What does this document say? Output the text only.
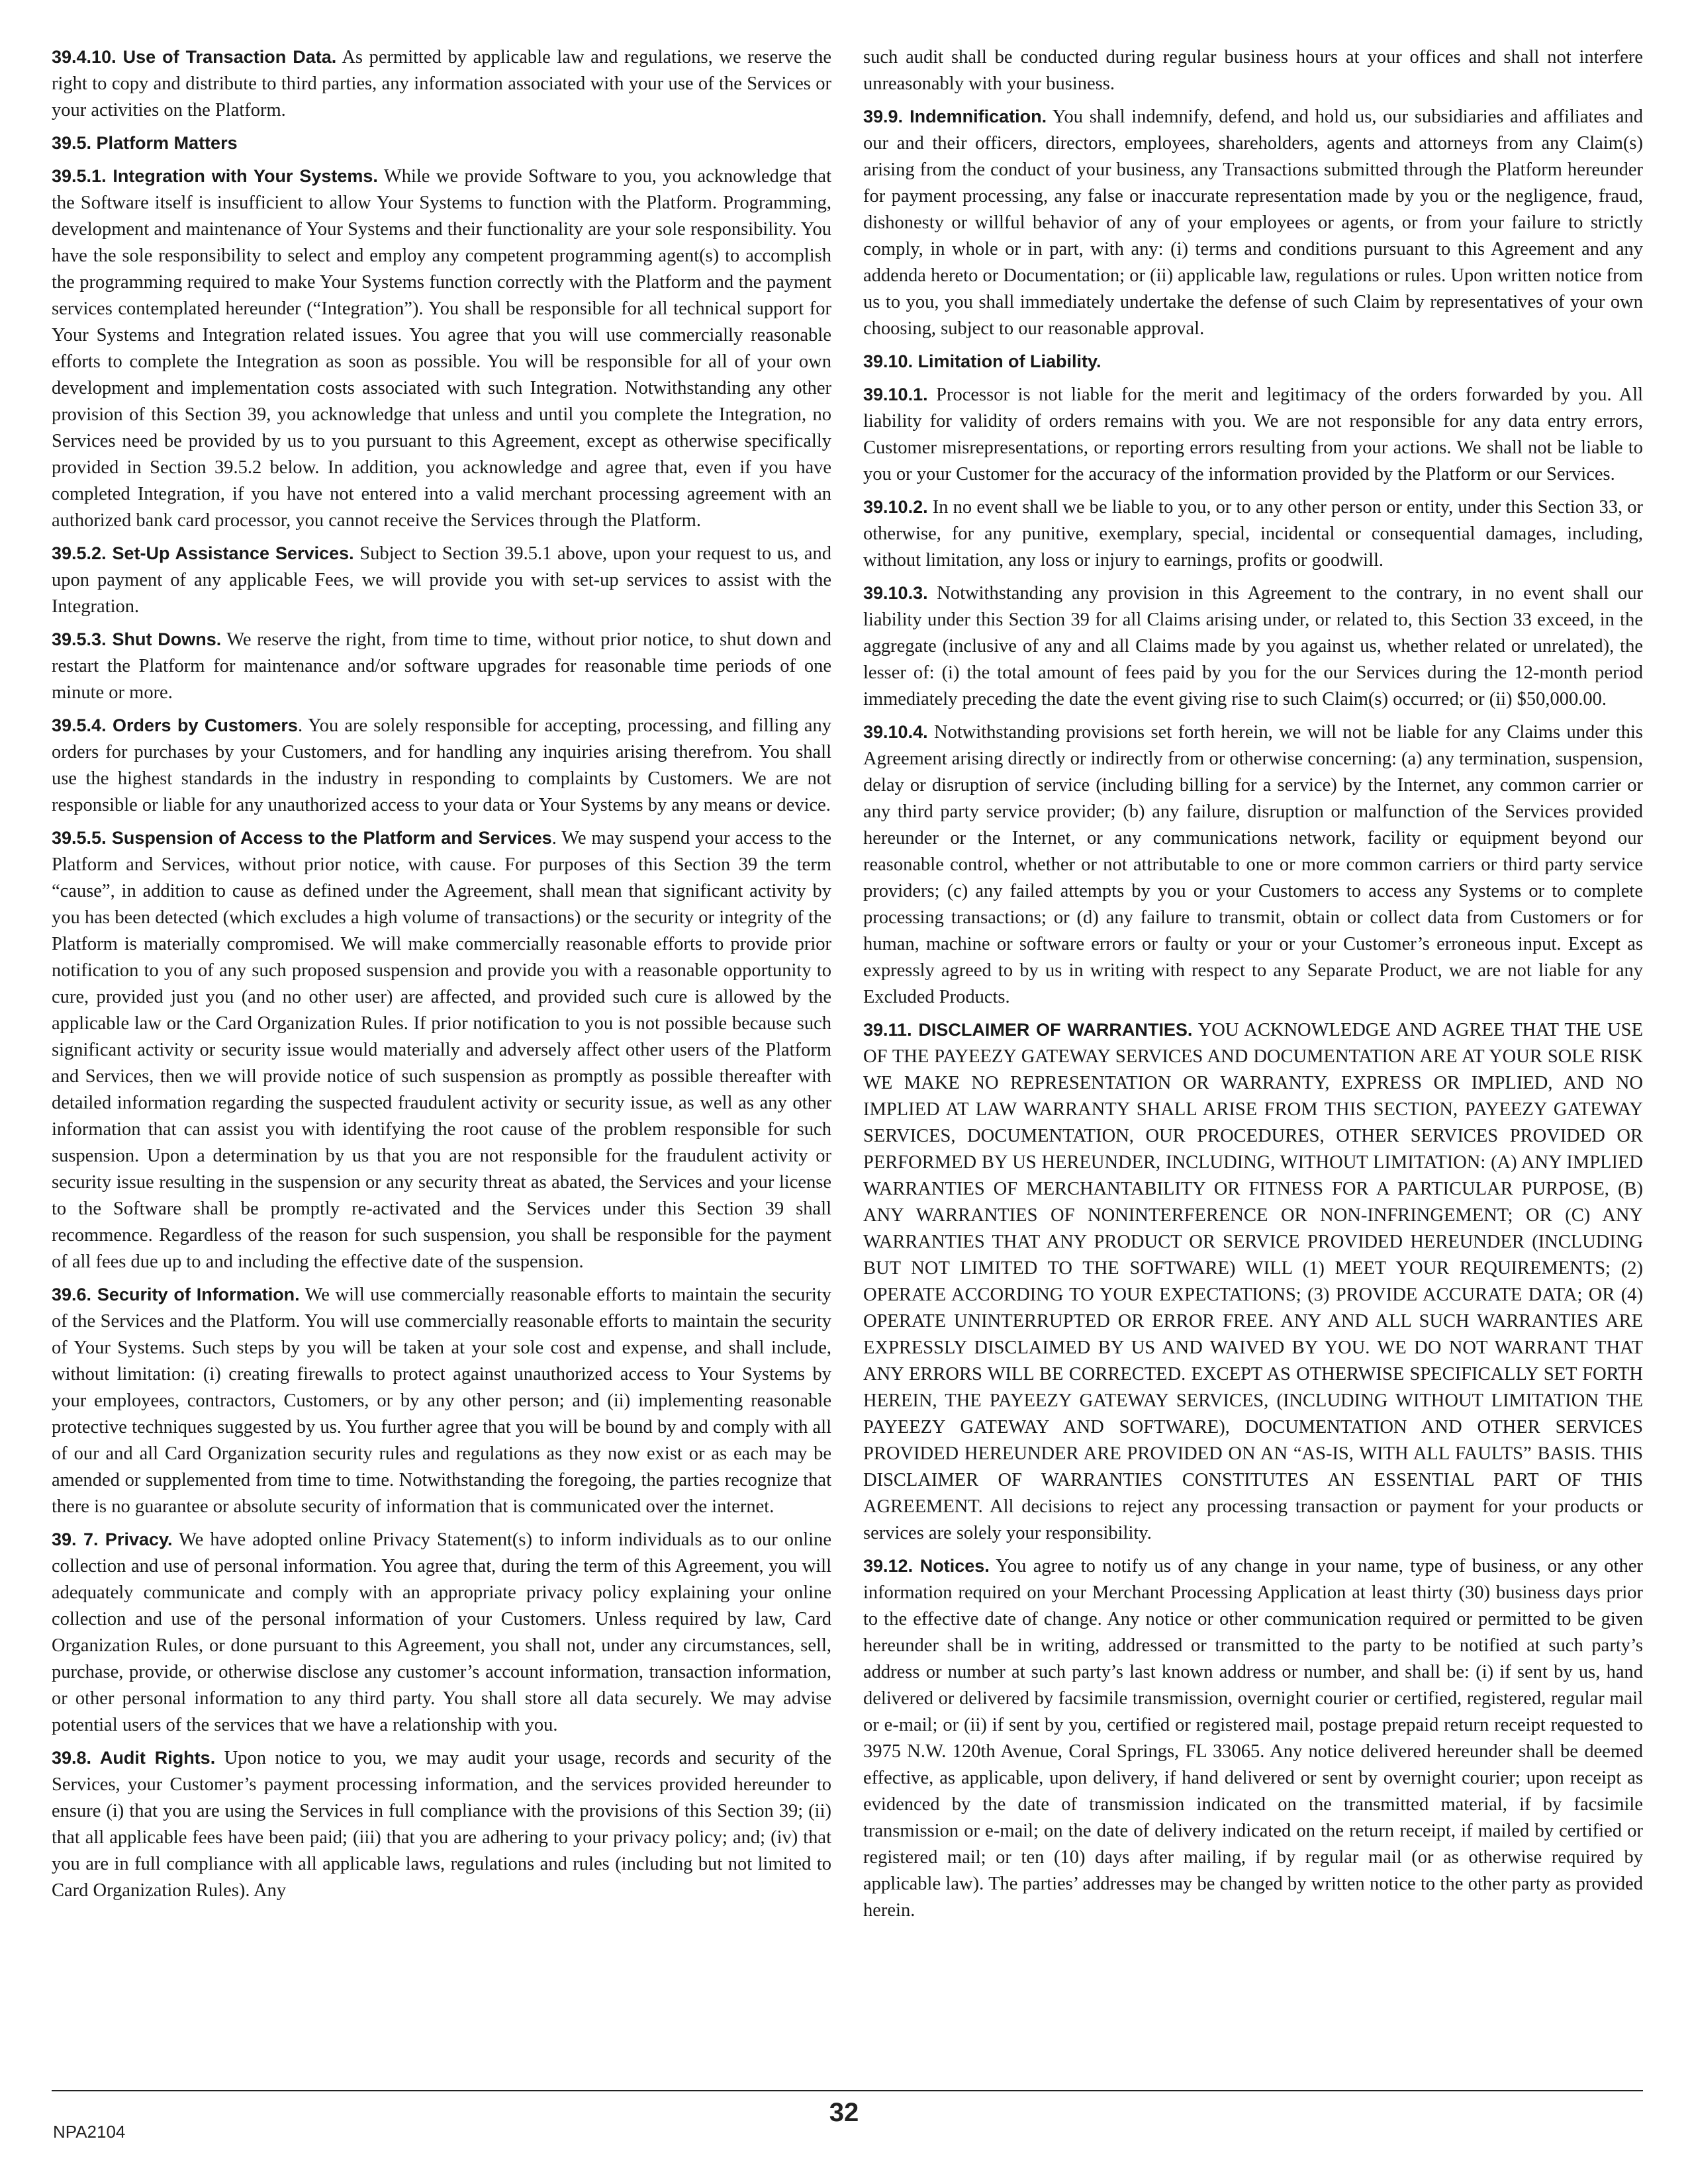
39.4.10. Use of Transaction Data. As permitted by applicable law and regulations, we reserve the right to copy and distribute to third parties, any information associated with your use of the Services or your activities on the Platform.

39.5. Platform Matters

39.5.1. Integration with Your Systems. While we provide Software to you, you acknowledge that the Software itself is insufficient to allow Your Systems to function with the Platform. Programming, development and maintenance of Your Systems and their functionality are your sole responsibility. You have the sole responsibility to select and employ any competent programming agent(s) to accomplish the programming required to make Your Systems function correctly with the Platform and the payment services contemplated hereunder (“Integration”). You shall be responsible for all technical support for Your Systems and Integration related issues. You agree that you will use commercially reasonable efforts to complete the Integration as soon as possible. You will be responsible for all of your own development and implementation costs associated with such Integration. Notwithstanding any other provision of this Section 39, you acknowledge that unless and until you complete the Integration, no Services need be provided by us to you pursuant to this Agreement, except as otherwise specifically provided in Section 39.5.2 below. In addition, you acknowledge and agree that, even if you have completed Integration, if you have not entered into a valid merchant processing agreement with an authorized bank card processor, you cannot receive the Services through the Platform.

39.5.2. Set-Up Assistance Services. Subject to Section 39.5.1 above, upon your request to us, and upon payment of any applicable Fees, we will provide you with set-up services to assist with the Integration.

39.5.3. Shut Downs. We reserve the right, from time to time, without prior notice, to shut down and restart the Platform for maintenance and/or software upgrades for reasonable time periods of one minute or more.

39.5.4. Orders by Customers. You are solely responsible for accepting, processing, and filling any orders for purchases by your Customers, and for handling any inquiries arising therefrom. You shall use the highest standards in the industry in responding to complaints by Customers. We are not responsible or liable for any unauthorized access to your data or Your Systems by any means or device.

39.5.5. Suspension of Access to the Platform and Services. We may suspend your access to the Platform and Services, without prior notice, with cause. For purposes of this Section 39 the term “cause”, in addition to cause as defined under the Agreement, shall mean that significant activity by you has been detected (which excludes a high volume of transactions) or the security or integrity of the Platform is materially compromised. We will make commercially reasonable efforts to provide prior notification to you of any such proposed suspension and provide you with a reasonable opportunity to cure, provided just you (and no other user) are affected, and provided such cure is allowed by the applicable law or the Card Organization Rules. If prior notification to you is not possible because such significant activity or security issue would materially and adversely affect other users of the Platform and Services, then we will provide notice of such suspension as promptly as possible thereafter with detailed information regarding the suspected fraudulent activity or security issue, as well as any other information that can assist you with identifying the root cause of the problem responsible for such suspension. Upon a determination by us that you are not responsible for the fraudulent activity or security issue resulting in the suspension or any security threat as abated, the Services and your license to the Software shall be promptly re-activated and the Services under this Section 39 shall recommence. Regardless of the reason for such suspension, you shall be responsible for the payment of all fees due up to and including the effective date of the suspension.

39.6. Security of Information. We will use commercially reasonable efforts to maintain the security of the Services and the Platform. You will use commercially reasonable efforts to maintain the security of Your Systems. Such steps by you will be taken at your sole cost and expense, and shall include, without limitation: (i) creating firewalls to protect against unauthorized access to Your Systems by your employees, contractors, Customers, or by any other person; and (ii) implementing reasonable protective techniques suggested by us. You further agree that you will be bound by and comply with all of our and all Card Organization security rules and regulations as they now exist or as each may be amended or supplemented from time to time. Notwithstanding the foregoing, the parties recognize that there is no guarantee or absolute security of information that is communicated over the internet.

39. 7. Privacy. We have adopted online Privacy Statement(s) to inform individuals as to our online collection and use of personal information. You agree that, during the term of this Agreement, you will adequately communicate and comply with an appropriate privacy policy explaining your online collection and use of the personal information of your Customers. Unless required by law, Card Organization Rules, or done pursuant to this Agreement, you shall not, under any circumstances, sell, purchase, provide, or otherwise disclose any customer’s account information, transaction information, or other personal information to any third party. You shall store all data securely. We may advise potential users of the services that we have a relationship with you.

39.8. Audit Rights. Upon notice to you, we may audit your usage, records and security of the Services, your Customer’s payment processing information, and the services provided hereunder to ensure (i) that you are using the Services in full compliance with the provisions of this Section 39; (ii) that all applicable fees have been paid; (iii) that you are adhering to your privacy policy; and; (iv) that you are in full compliance with all applicable laws, regulations and rules (including but not limited to Card Organization Rules). Any

such audit shall be conducted during regular business hours at your offices and shall not interfere unreasonably with your business.

39.9. Indemnification. You shall indemnify, defend, and hold us, our subsidiaries and affiliates and our and their officers, directors, employees, shareholders, agents and attorneys from any Claim(s) arising from the conduct of your business, any Transactions submitted through the Platform hereunder for payment processing, any false or inaccurate representation made by you or the negligence, fraud, dishonesty or willful behavior of any of your employees or agents, or from your failure to strictly comply, in whole or in part, with any: (i) terms and conditions pursuant to this Agreement and any addenda hereto or Documentation; or (ii) applicable law, regulations or rules. Upon written notice from us to you, you shall immediately undertake the defense of such Claim by representatives of your own choosing, subject to our reasonable approval.

39.10. Limitation of Liability.

39.10.1. Processor is not liable for the merit and legitimacy of the orders forwarded by you. All liability for validity of orders remains with you. We are not responsible for any data entry errors, Customer misrepresentations, or reporting errors resulting from your actions. We shall not be liable to you or your Customer for the accuracy of the information provided by the Platform or our Services.

39.10.2. In no event shall we be liable to you, or to any other person or entity, under this Section 33, or otherwise, for any punitive, exemplary, special, incidental or consequential damages, including, without limitation, any loss or injury to earnings, profits or goodwill.

39.10.3. Notwithstanding any provision in this Agreement to the contrary, in no event shall our liability under this Section 39 for all Claims arising under, or related to, this Section 33 exceed, in the aggregate (inclusive of any and all Claims made by you against us, whether related or unrelated), the lesser of: (i) the total amount of fees paid by you for the our Services during the 12-month period immediately preceding the date the event giving rise to such Claim(s) occurred; or (ii) $50,000.00.

39.10.4. Notwithstanding provisions set forth herein, we will not be liable for any Claims under this Agreement arising directly or indirectly from or otherwise concerning: (a) any termination, suspension, delay or disruption of service (including billing for a service) by the Internet, any common carrier or any third party service provider; (b) any failure, disruption or malfunction of the Services provided hereunder or the Internet, or any communications network, facility or equipment beyond our reasonable control, whether or not attributable to one or more common carriers or third party service providers; (c) any failed attempts by you or your Customers to access any Systems or to complete processing transactions; or (d) any failure to transmit, obtain or collect data from Customers or for human, machine or software errors or faulty or your or your Customer’s erroneous input. Except as expressly agreed to by us in writing with respect to any Separate Product, we are not liable for any Excluded Products.

39.11. DISCLAIMER OF WARRANTIES. YOU ACKNOWLEDGE AND AGREE THAT THE USE OF THE PAYEEZY GATEWAY SERVICES AND DOCUMENTATION ARE AT YOUR SOLE RISK WE MAKE NO REPRESENTATION OR WARRANTY, EXPRESS OR IMPLIED, AND NO IMPLIED AT LAW WARRANTY SHALL ARISE FROM THIS SECTION, PAYEEZY GATEWAY SERVICES, DOCUMENTATION, OUR PROCEDURES, OTHER SERVICES PROVIDED OR PERFORMED BY US HEREUNDER, INCLUDING, WITHOUT LIMITATION: (A) ANY IMPLIED WARRANTIES OF MERCHANTABILITY OR FITNESS FOR A PARTICULAR PURPOSE, (B) ANY WARRANTIES OF NONINTERFERENCE OR NON-INFRINGEMENT; OR (C) ANY WARRANTIES THAT ANY PRODUCT OR SERVICE PROVIDED HEREUNDER (INCLUDING BUT NOT LIMITED TO THE SOFTWARE) WILL (1) MEET YOUR REQUIREMENTS; (2) OPERATE ACCORDING TO YOUR EXPECTATIONS; (3) PROVIDE ACCURATE DATA; OR (4) OPERATE UNINTERRUPTED OR ERROR FREE. ANY AND ALL SUCH WARRANTIES ARE EXPRESSLY DISCLAIMED BY US AND WAIVED BY YOU. WE DO NOT WARRANT THAT ANY ERRORS WILL BE CORRECTED. EXCEPT AS OTHERWISE SPECIFICALLY SET FORTH HEREIN, THE PAYEEZY GATEWAY SERVICES, (INCLUDING WITHOUT LIMITATION THE PAYEEZY GATEWAY AND SOFTWARE), DOCUMENTATION AND OTHER SERVICES PROVIDED HEREUNDER ARE PROVIDED ON AN “AS-IS, WITH ALL FAULTS” BASIS. THIS DISCLAIMER OF WARRANTIES CONSTITUTES AN ESSENTIAL PART OF THIS AGREEMENT. All decisions to reject any processing transaction or payment for your products or services are solely your responsibility.

39.12. Notices. You agree to notify us of any change in your name, type of business, or any other information required on your Merchant Processing Application at least thirty (30) business days prior to the effective date of change. Any notice or other communication required or permitted to be given hereunder shall be in writing, addressed or transmitted to the party to be notified at such party’s address or number at such party’s last known address or number, and shall be: (i) if sent by us, hand delivered or delivered by facsimile transmission, overnight courier or certified, registered, regular mail or e-mail; or (ii) if sent by you, certified or registered mail, postage prepaid return receipt requested to 3975 N.W. 120th Avenue, Coral Springs, FL 33065. Any notice delivered hereunder shall be deemed effective, as applicable, upon delivery, if hand delivered or sent by overnight courier; upon receipt as evidenced by the date of transmission indicated on the transmitted material, if by facsimile transmission or e-mail; on the date of delivery indicated on the return receipt, if mailed by certified or registered mail; or ten (10) days after mailing, if by regular mail (or as otherwise required by applicable law). The parties’ addresses may be changed by written notice to the other party as provided herein.

NPA2104
32
